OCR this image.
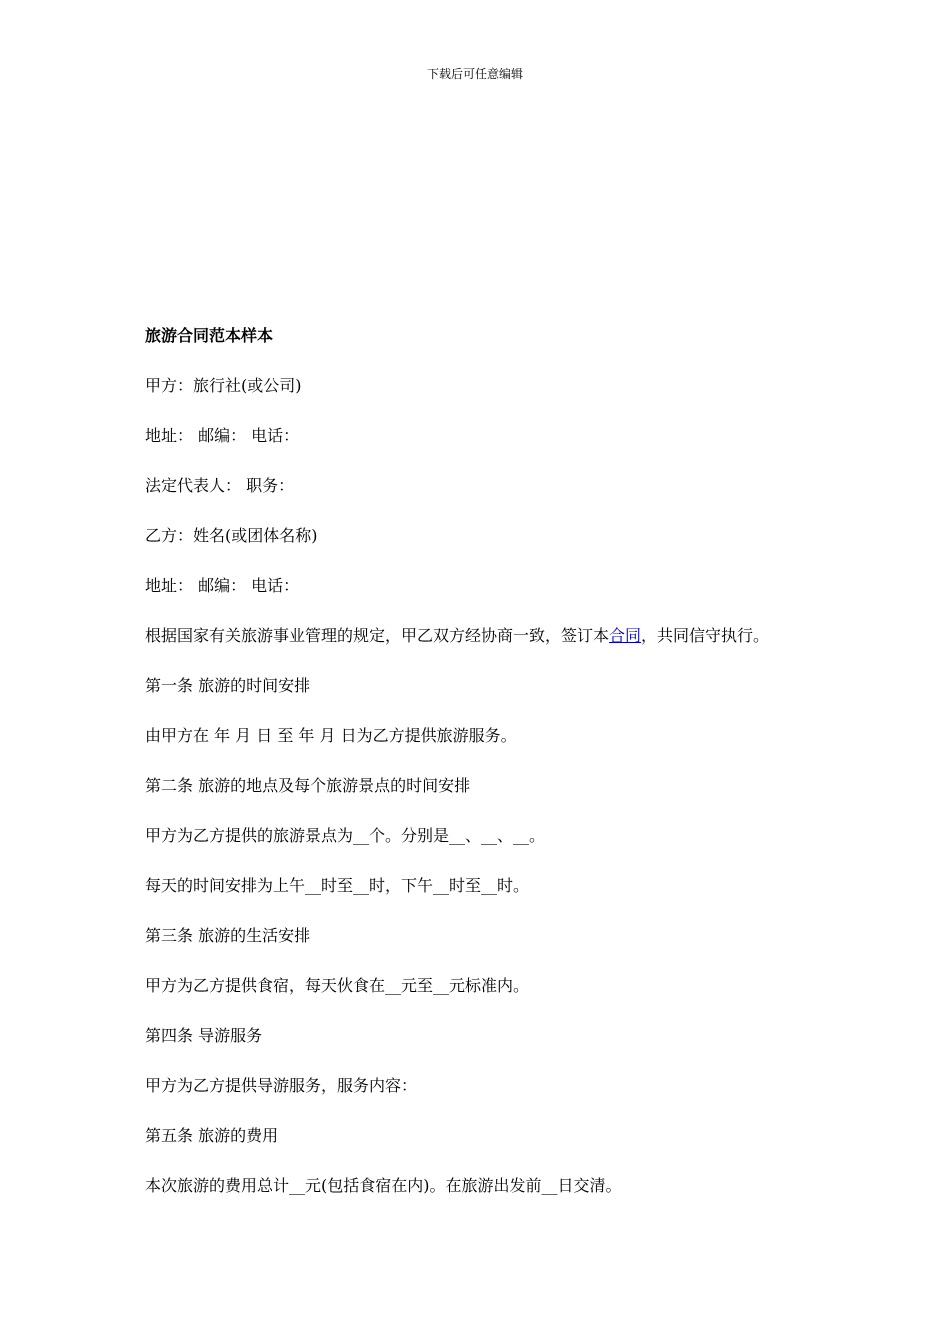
下载后可任意编辑
旅游合同范本样本
甲方：旅行社(或公司)
地址： 邮编： 电话：
法定代表人： 职务：
乙方：姓名(或团体名称)
地址： 邮编： 电话：
根据国家有关旅游事业管理的规定，甲乙双方经协商一致，签订本合同，共同信守执行。
第一条 旅游的时间安排
由甲方在 年 月 日 至 年 月 日为乙方提供旅游服务。
第二条 旅游的地点及每个旅游景点的时间安排
甲方为乙方提供的旅游景点为__个。分别是__、__、__。
每天的时间安排为上午__时至__时，下午__时至__时。
第三条 旅游的生活安排
甲方为乙方提供食宿，每天伙食在__元至__元标准内。
第四条 导游服务
甲方为乙方提供导游服务，服务内容：
第五条 旅游的费用
本次旅游的费用总计__元(包括食宿在内)。在旅游出发前__日交清。
